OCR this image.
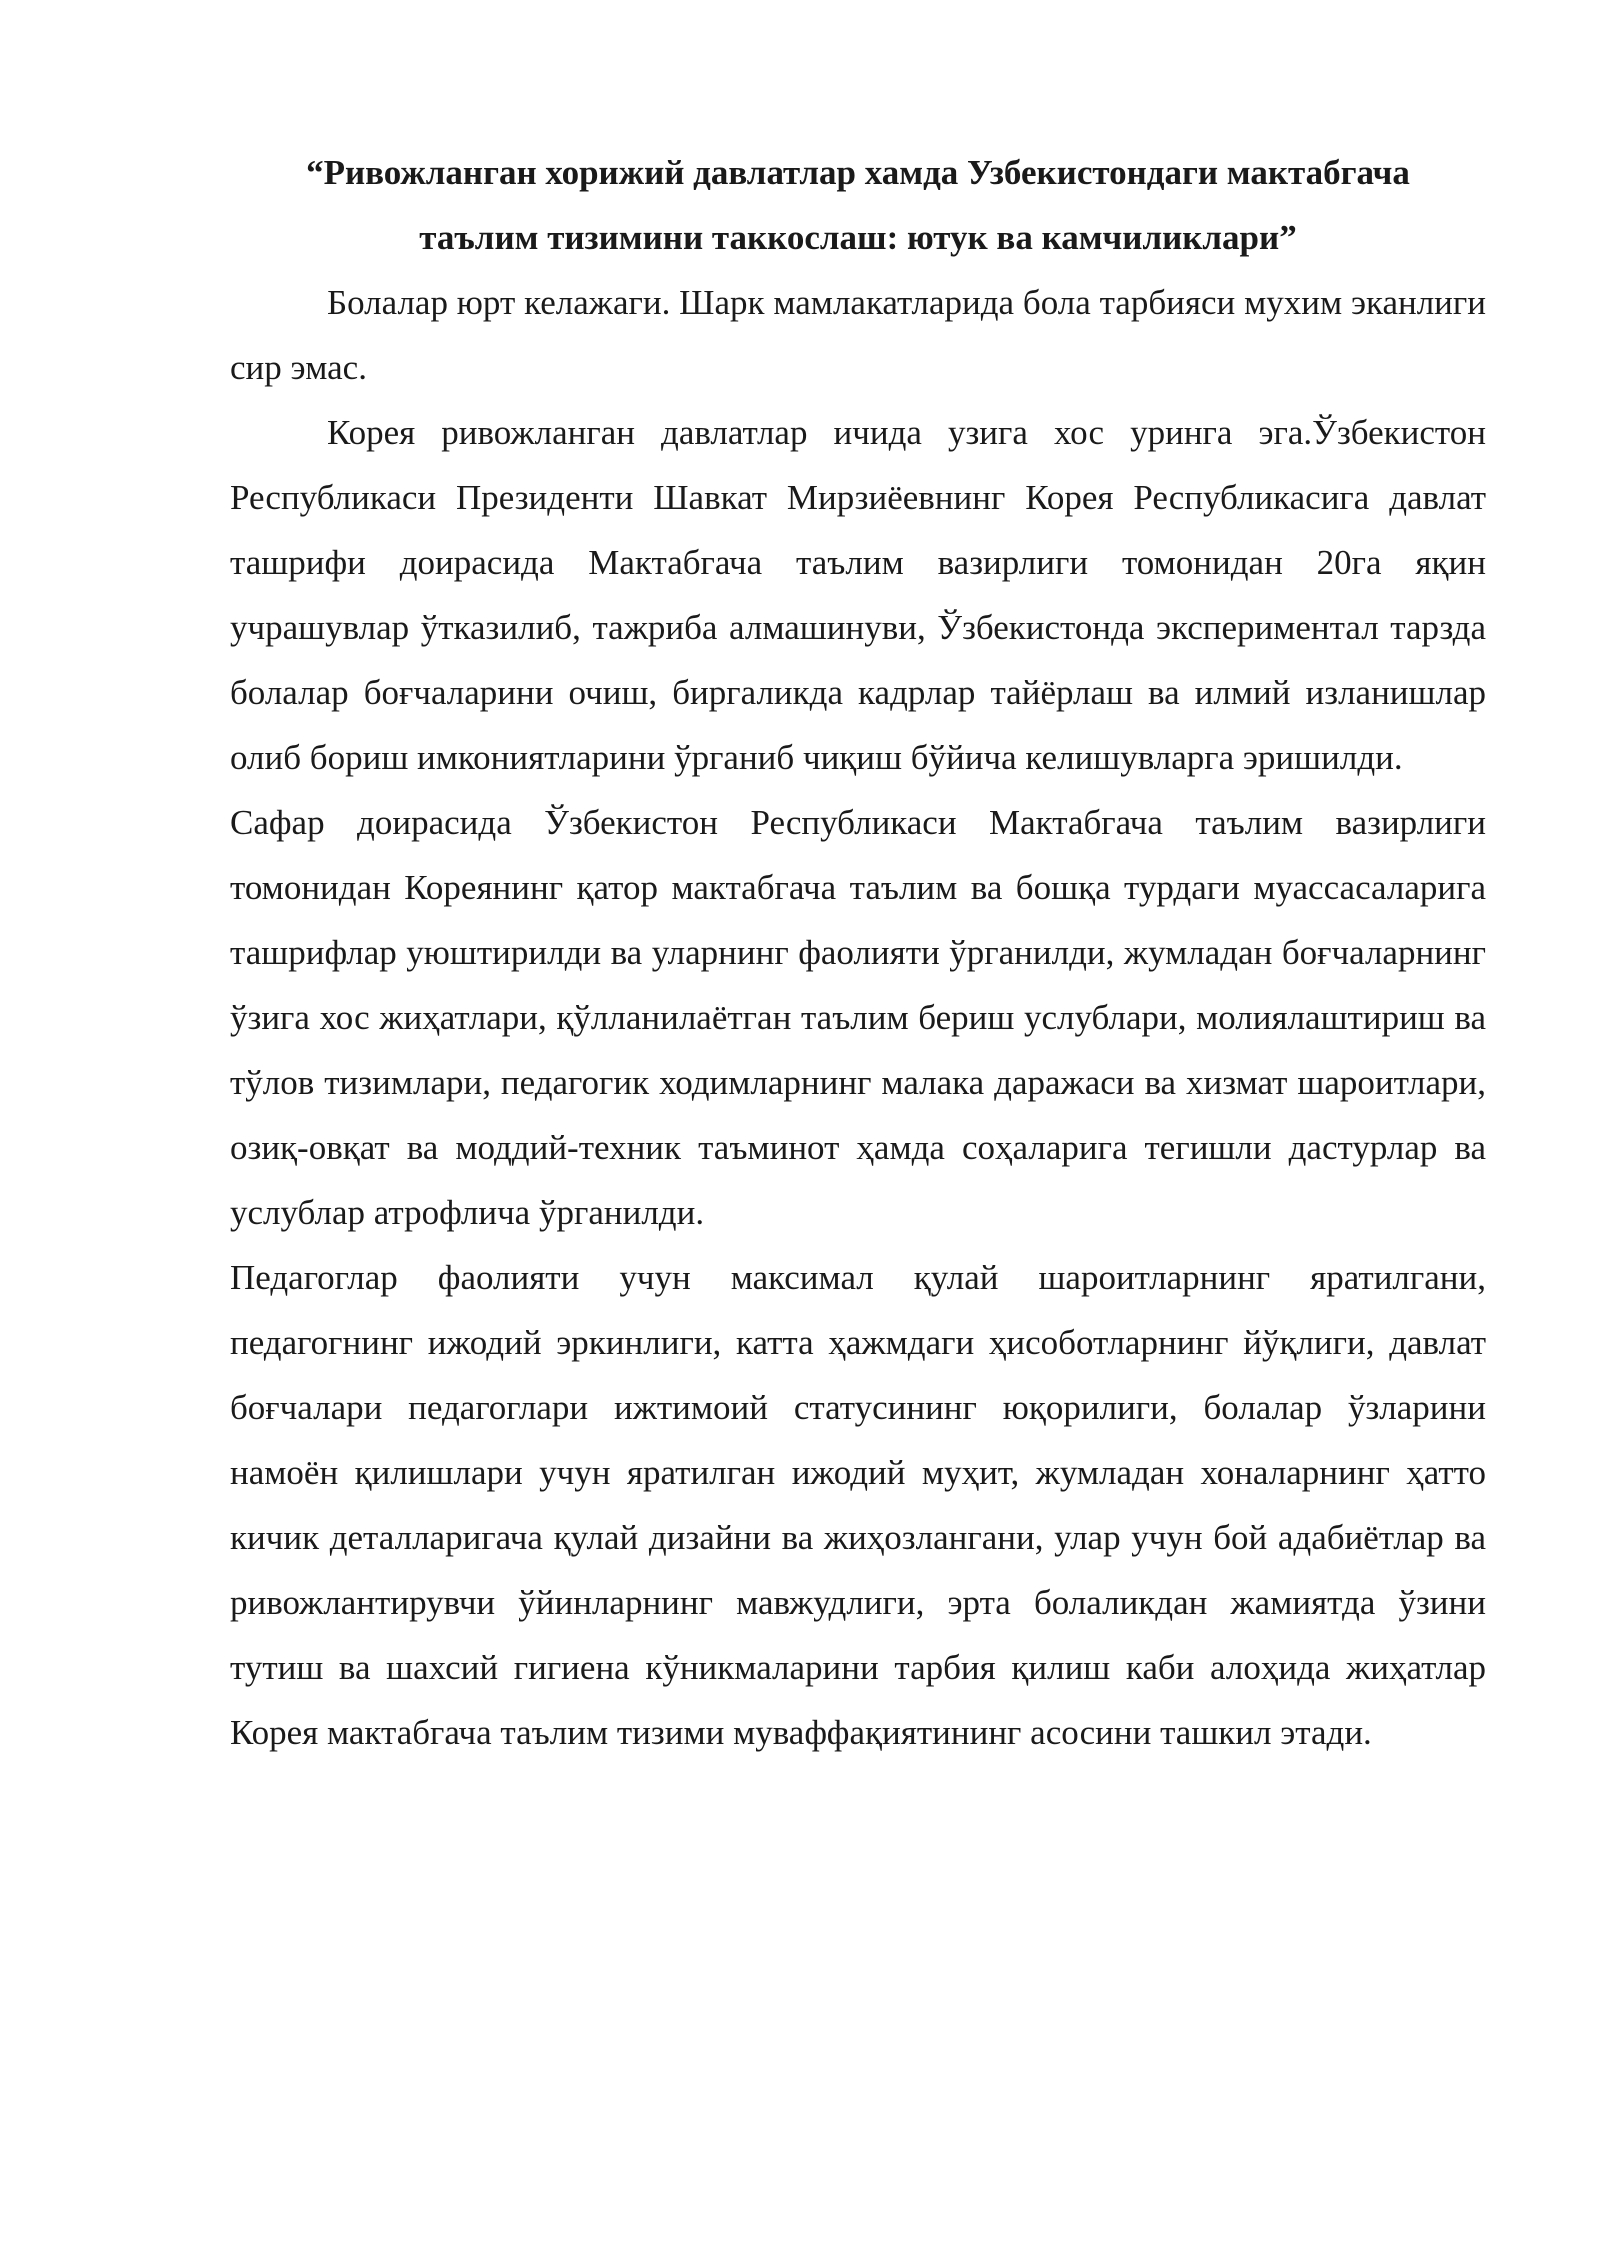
“Ривожланган хорижий давлатлар хамда Узбекистондаги мактабгача
таълим тизимини таккослаш: ютук ва камчиликлари”

Болалар юрт келажаги. Шарк мамлакатларида бола тарбияси мухим эканлиги сир эмас.

Корея ривожланган давлатлар ичида узига хос уринга эга.Ўзбекистон Республикаси Президенти Шавкат Мирзиёевнинг Корея Республикасига давлат ташрифи доирасида Мактабгача таълим вазирлиги томонидан 20га яқин учрашувлар ўтказилиб, тажриба алмашинуви, Ўзбекистонда экспериментал тарзда болалар боғчаларини очиш, биргаликда кадрлар тайёрлаш ва илмий изланишлар олиб бориш имкониятларини ўрганиб чиқиш бўйича келишувларга эришилди.

Сафар доирасида Ўзбекистон Республикаси Мактабгача таълим вазирлиги томонидан Кореянинг қатор мактабгача таълим ва бошқа турдаги муассасаларига ташрифлар уюштирилди ва уларнинг фаолияти ўрганилди, жумладан боғчаларнинг ўзига хос жиҳатлари, қўлланилаётган таълим бериш услублари, молиялаштириш ва тўлов тизимлари, педагогик ходимларнинг малака даражаси ва хизмат шароитлари, озиқ-овқат ва моддий-техник таъминот ҳамда соҳаларига тегишли дастурлар ва услублар атрофлича ўрганилди.

Педагоглар фаолияти учун максимал қулай шароитларнинг яратилгани, педагогнинг ижодий эркинлиги, катта ҳажмдаги ҳисоботларнинг йўқлиги, давлат боғчалари педагоглари ижтимоий статусининг юқорилиги, болалар ўзларини намоён қилишлари учун яратилган ижодий муҳит, жумладан хоналарнинг ҳатто кичик деталларигача қулай дизайни ва жиҳозлангани, улар учун бой адабиётлар ва ривожлантирувчи ўйинларнинг мавжудлиги, эрта болаликдан жамиятда ўзини тутиш ва шахсий гигиена кўникмаларини тарбия қилиш каби алоҳида жиҳатлар Корея мактабгача таълим тизими муваффақиятининг асосини ташкил этади.
